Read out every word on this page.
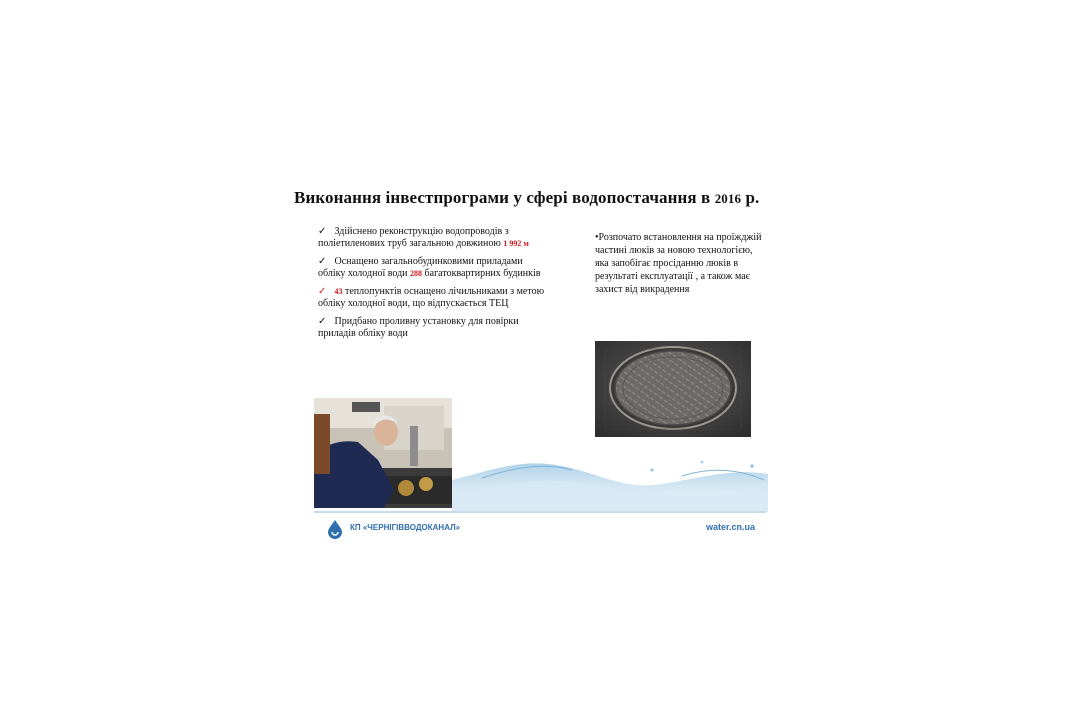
Виконання інвестпрограми у сфері водопостачання в 2016 р.
✓ Здійснено реконструкцію водопроводів з поліетиленових труб загальною довжиною 1 992 м
✓ Оснащено загальнобудинковими приладами обліку холодної води 288 багатоквартирних будинків
✓ 43 теплопунктів оснащено лічильниками з метою обліку холодної води, що відпускається ТЕЦ
✓ Придбано проливну установку для повірки приладів обліку води
•Розпочато встановлення на проїжджій частині люків за новою технологією, яка запобігає просіданню люків в результаті експлуатації , а також має захист від викрадення
КП «ЧЕРНІГІВВОДОКАНАЛ»	water.cn.ua
